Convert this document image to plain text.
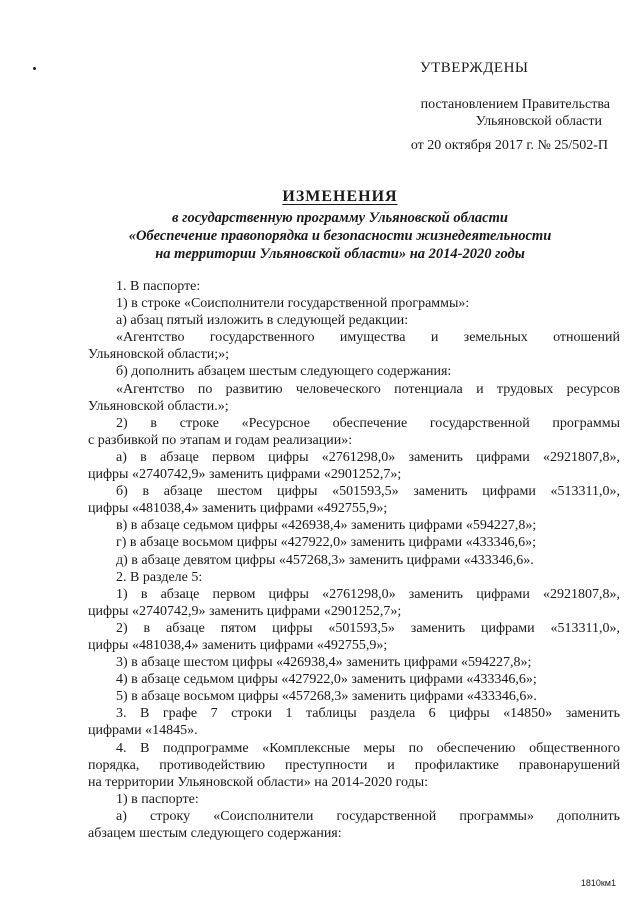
УТВЕРЖДЕНЫ
постановлением Правительства
Ульяновской области
от 20 октября 2017 г. № 25/502-П
ИЗМЕНЕНИЯ
в государственную программу Ульяновской области
«Обеспечение правопорядка и безопасности жизнедеятельности
на территории Ульяновской области» на 2014-2020 годы

1. В паспорте:

1) в строке «Соисполнители государственной программы»:

а) абзац пятый изложить в следующей редакции:

«Агентство государственного имущества и земельных отношений

Ульяновской области;»;

б) дополнить абзацем шестым следующего содержания:

«Агентство по развитию человеческого потенциала и трудовых ресурсов

Ульяновской области.»;

2) в строке «Ресурсное обеспечение государственной программы

с разбивкой по этапам и годам реализации»:

а) в абзаце первом цифры «2761298,0» заменить цифрами «2921807,8»,

цифры «2740742,9» заменить цифрами «2901252,7»;

б) в абзаце шестом цифры «501593,5» заменить цифрами «513311,0»,

цифры «481038,4» заменить цифрами «492755,9»;

в) в абзаце седьмом цифры «426938,4» заменить цифрами «594227,8»;

г) в абзаце восьмом цифры «427922,0» заменить цифрами «433346,6»;

д) в абзаце девятом цифры «457268,3» заменить цифрами «433346,6».

2. В разделе 5:

1) в абзаце первом цифры «2761298,0» заменить цифрами «2921807,8»,

цифры «2740742,9» заменить цифрами «2901252,7»;

2) в абзаце пятом цифры «501593,5» заменить цифрами «513311,0»,

цифры «481038,4» заменить цифрами «492755,9»;

3) в абзаце шестом цифры «426938,4» заменить цифрами «594227,8»;

4) в абзаце седьмом цифры «427922,0» заменить цифрами «433346,6»;

5) в абзаце восьмом цифры «457268,3» заменить цифрами «433346,6».

3. В графе 7 строки 1 таблицы раздела 6 цифры «14850» заменить

цифрами «14845».

4. В подпрограмме «Комплексные меры по обеспечению общественного

порядка, противодействию преступности и профилактике правонарушений

на территории Ульяновской области» на 2014-2020 годы:

1) в паспорте:

а) строку «Соисполнители государственной программы» дополнить

абзацем шестым следующего содержания:

1810км1
